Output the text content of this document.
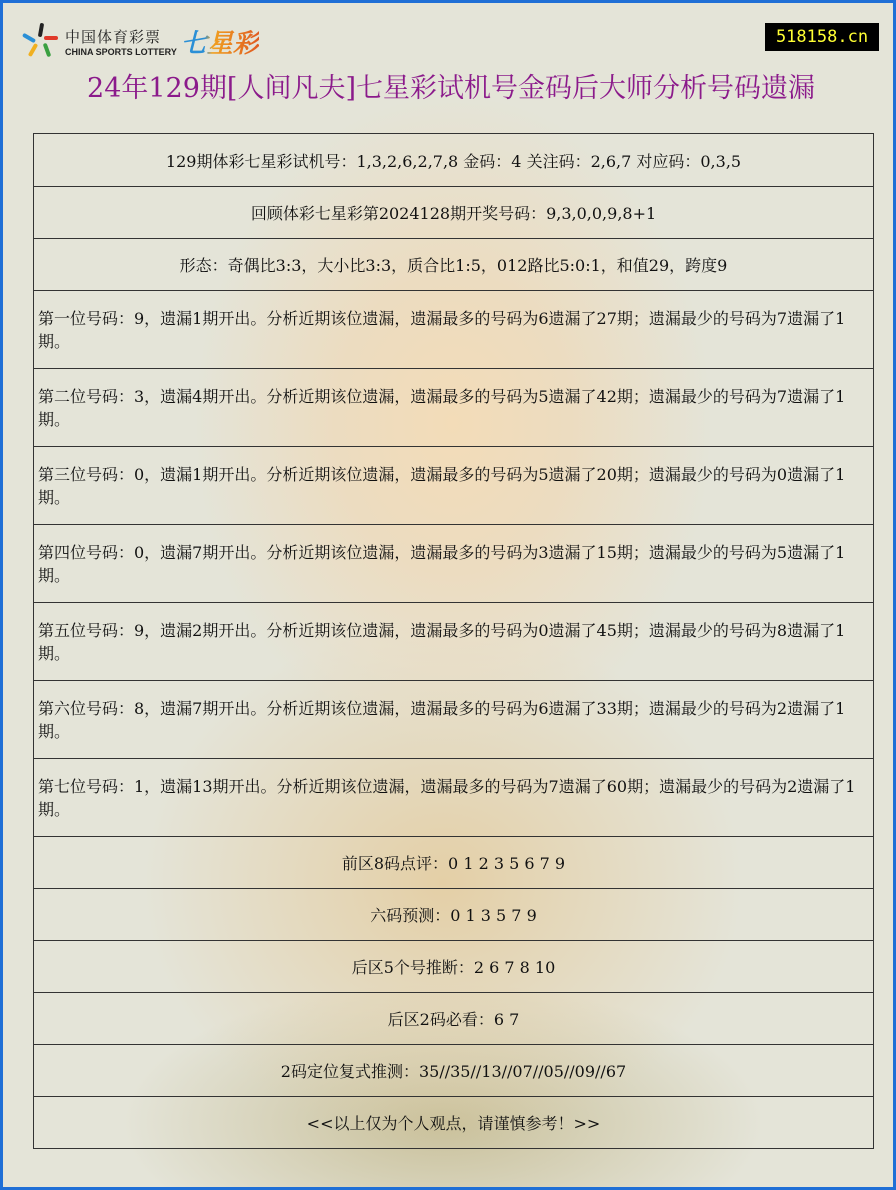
中国体育彩票
CHINA SPORTS LOTTERY 七星彩	518158.cn
24年129期[人间凡夫]七星彩试机号金码后大师分析号码遗漏
129期体彩七星彩试机号：1,3,2,6,2,7,8 金码：4 关注码：2,6,7 对应码：0,3,5
回顾体彩七星彩第2024128期开奖号码：9,3,0,0,9,8+1
形态：奇偶比3:3，大小比3:3，质合比1:5，012路比5:0:1，和值29，跨度9
第一位号码：9，遗漏1期开出。分析近期该位遗漏，遗漏最多的号码为6遗漏了27期；遗漏最少的号码为7遗漏了1期。
第二位号码：3，遗漏4期开出。分析近期该位遗漏，遗漏最多的号码为5遗漏了42期；遗漏最少的号码为7遗漏了1期。
第三位号码：0，遗漏1期开出。分析近期该位遗漏，遗漏最多的号码为5遗漏了20期；遗漏最少的号码为0遗漏了1期。
第四位号码：0，遗漏7期开出。分析近期该位遗漏，遗漏最多的号码为3遗漏了15期；遗漏最少的号码为5遗漏了1期。
第五位号码：9，遗漏2期开出。分析近期该位遗漏，遗漏最多的号码为0遗漏了45期；遗漏最少的号码为8遗漏了1期。
第六位号码：8，遗漏7期开出。分析近期该位遗漏，遗漏最多的号码为6遗漏了33期；遗漏最少的号码为2遗漏了1期。
第七位号码：1，遗漏13期开出。分析近期该位遗漏，遗漏最多的号码为7遗漏了60期；遗漏最少的号码为2遗漏了1期。
前区8码点评：0 1 2 3 5 6 7 9
六码预测：0 1 3 5 7 9
后区5个号推断：2 6 7 8 10
后区2码必看：6 7
2码定位复式推测：35//35//13//07//05//09//67
<<以上仅为个人观点，请谨慎参考！>>
